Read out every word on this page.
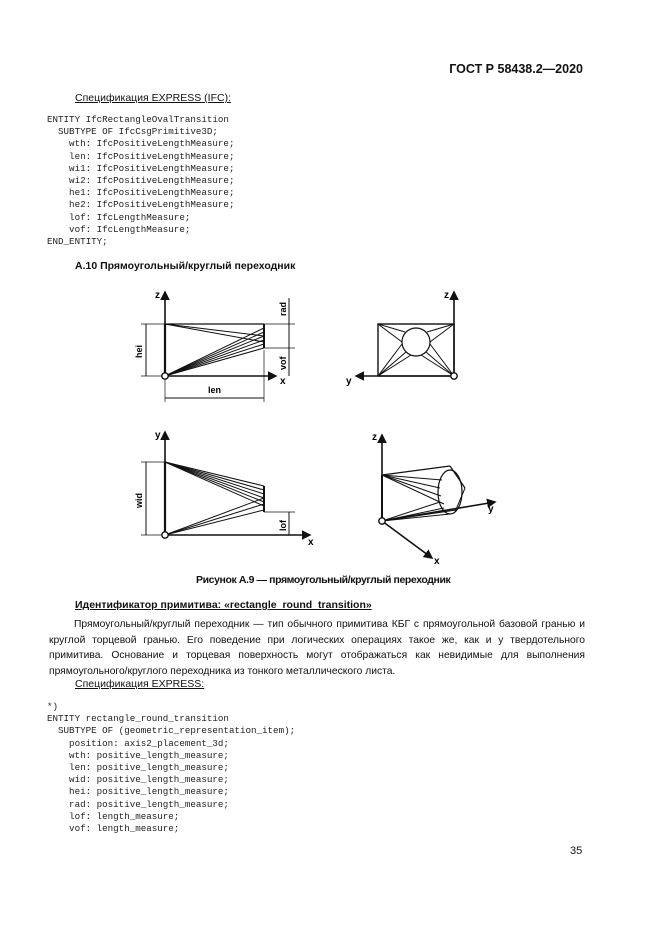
ГОСТ Р 58438.2—2020
Спецификация EXPRESS (IFC):
ENTITY IfcRectangleOvalTransition
SUBTYPE OF IfcCsgPrimitive3D;
wth: IfcPositiveLengthMeasure;
len: IfcPositiveLengthMeasure;
wi1: IfcPositiveLengthMeasure;
wi2: IfcPositiveLengthMeasure;
he1: IfcPositiveLengthMeasure;
he2: IfcPositiveLengthMeasure;
lof: IfcLengthMeasure;
vof: IfcLengthMeasure;
END_ENTITY;
А.10 Прямоугольный/круглый переходник
z
x
hei
len
rad
vof
z
y
y
x
wid
lof
z
y
x
Рисунок А.9 — прямоугольный/круглый переходник
Идентификатор примитива: «rectangle_round_transition»

Прямоугольный/круглый переходник — тип обычного примитива КБГ с прямоугольной базовой гранью и круглой торцевой гранью. Его поведение при логических операциях такое же, как и у твердотельного примитива. Основание и торцевая поверхность могут отображаться как невидимые для выполнения прямоугольного/круглого переходника из тонкого металлического листа.

Спецификация EXPRESS:
*)
ENTITY rectangle_round_transition
SUBTYPE OF (geometric_representation_item);
position: axis2_placement_3d;
wth: positive_length_measure;
len: positive_length_measure;
wid: positive_length_measure;
hei: positive_length_measure;
rad: positive_length_measure;
lof: length_measure;
vof: length_measure;
35
